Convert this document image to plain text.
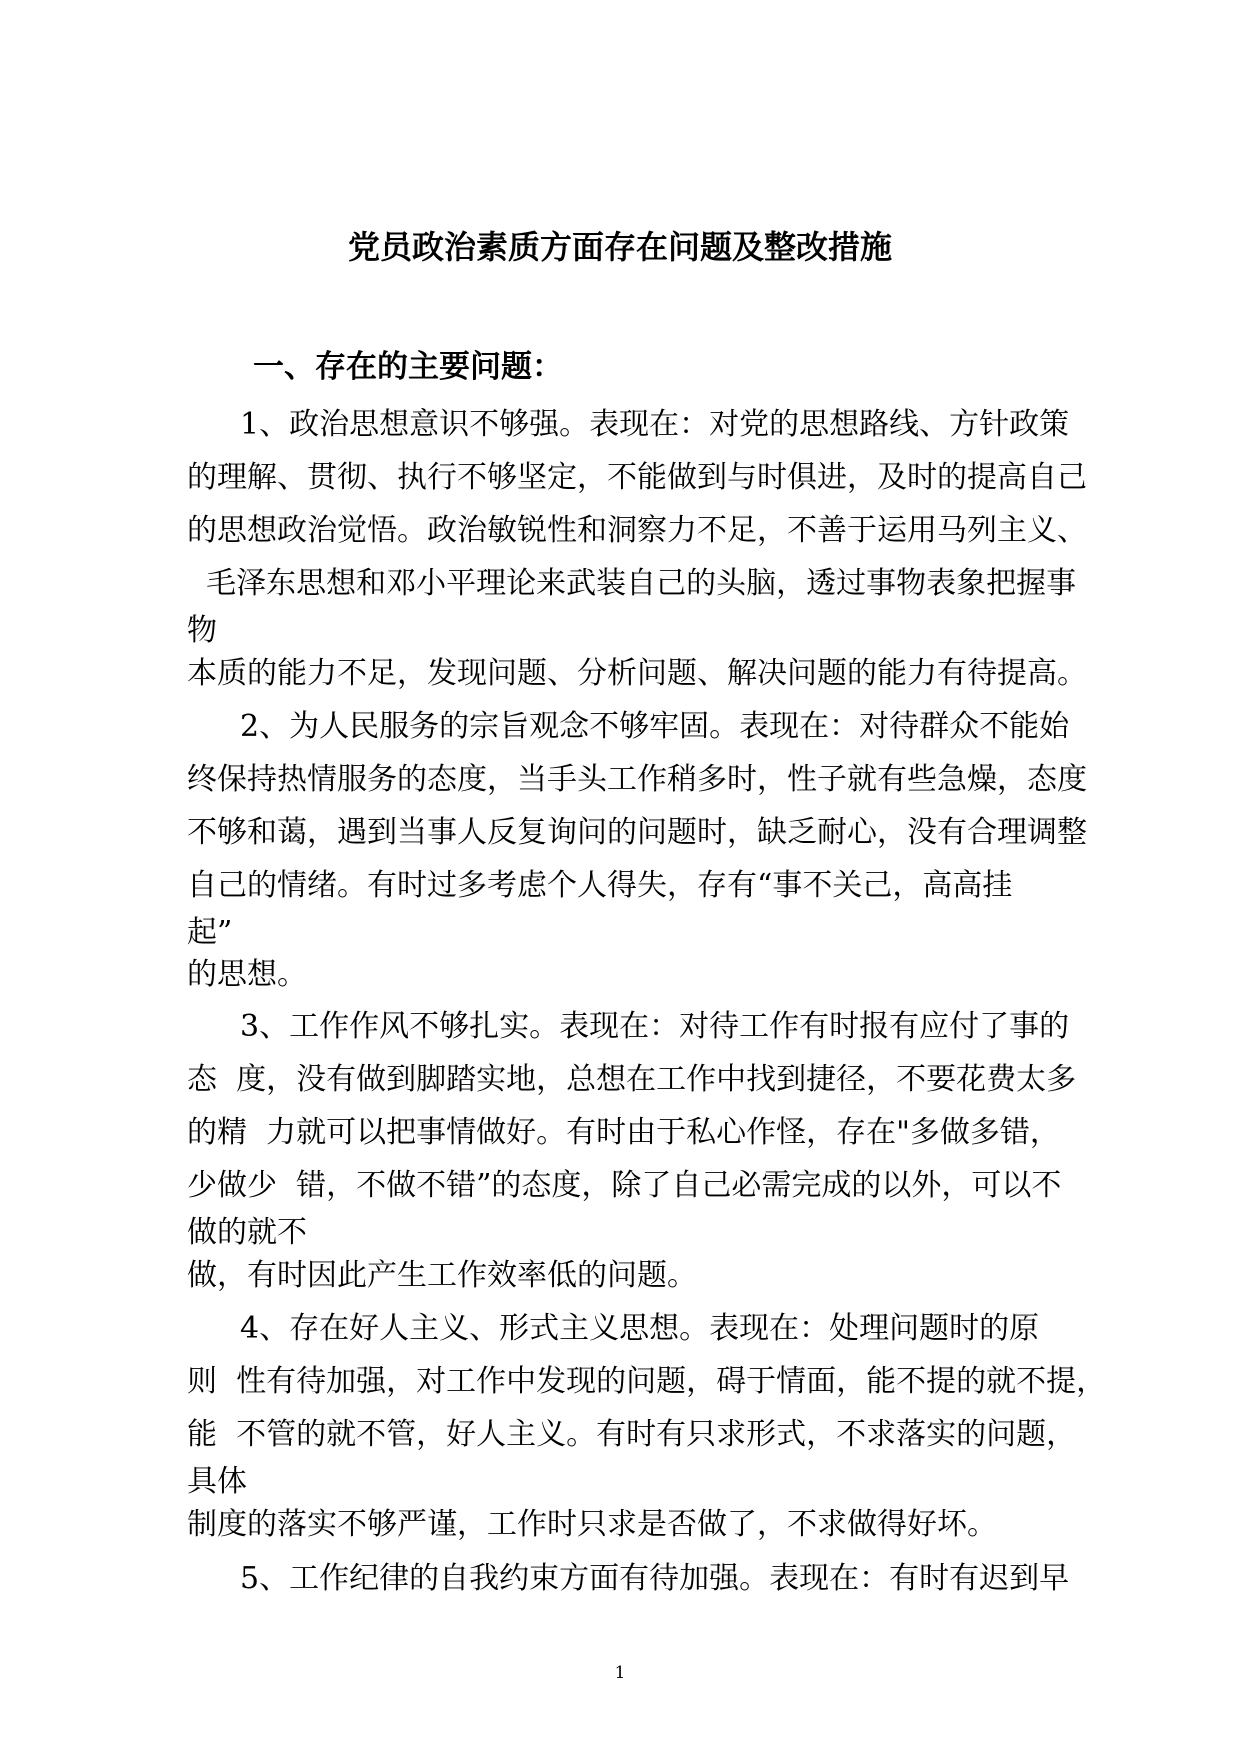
党员政治素质方面存在问题及整改措施
一、存在的主要问题：

1、政治思想意识不够强。表现在：对党的思想路线、方针政策

的理解、贯彻、执行不够坚定，不能做到与时俱进，及时的提高自己

的思想政治觉悟。政治敏锐性和洞察力不足，不善于运用马列主义、

毛泽东思想和邓小平理论来武装自己的头脑，透过事物表象把握事

物

本质的能力不足，发现问题、分析问题、解决问题的能力有待提高。

2、为人民服务的宗旨观念不够牢固。表现在：对待群众不能始

终保持热情服务的态度，当手头工作稍多时，性子就有些急燥，态度

不够和蔼，遇到当事人反复询问的问题时，缺乏耐心，没有合理调整

自己的情绪。有时过多考虑个人得失，存有“事不关己，高高挂

起”

的思想。

3、工作作风不够扎实。表现在：对待工作有时报有应付了事的

态  度，没有做到脚踏实地，总想在工作中找到捷径，不要花费太多

的精  力就可以把事情做好。有时由于私心作怪，存在"多做多错，

少做少  错，不做不错”的态度，除了自己必需完成的以外，可以不

做的就不

做，有时因此产生工作效率低的问题。

4、存在好人主义、形式主义思想。表现在：处理问题时的原

则  性有待加强，对工作中发现的问题，碍于情面，能不提的就不提，

能  不管的就不管，好人主义。有时有只求形式，不求落实的问题，

具体

制度的落实不够严谨，工作时只求是否做了，不求做得好坏。

5、工作纪律的自我约束方面有待加强。表现在：有时有迟到早

1
